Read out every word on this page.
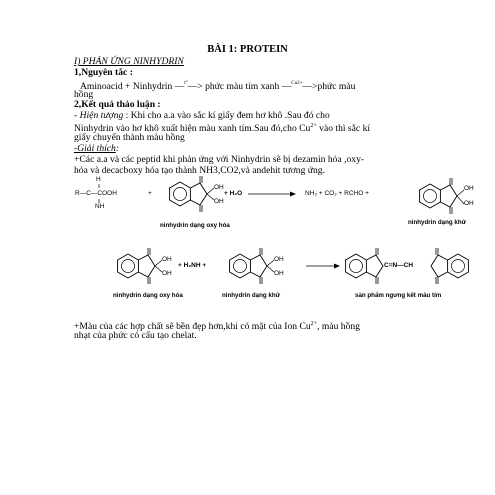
BÀI 1: PROTEIN
I) PHẢN ỨNG NINHYDRIN
1,Nguyên tắc :
Aminoacid + Ninhydrin —$^{t^\circ}$—> phức màu tím xanh —$^{Cu2+}$—>phức màu
hồng
2,Kết quả thảo luận :
- Hiện tượng : Khi cho a.a vào sắc kí giấy đem hơ khô .Sau đó cho
Ninhydrin vào hơ khô xuất hiện màu xanh tím.Sau đó,cho $Cu^{2+}$ vào thì sắc kí
giấy chuyển thành màu hồng
-Giải thích:
+Các a.a và các peptid khi phản ứng với Ninhydrin sẽ bị dezamin hóa ,oxy-
hóa và decacboxy hóa tạo thành NH3,CO2,và andehit tương ứng.
H
R—C—COOH
NH
+
OH
OH
+ H₂O	NH₃ + CO₂ + RCHO +
OH
OH
ninhydrin dạng oxy hóa	ninhydrin dạng khử
OH
OH
+ H₂NH +
OH
OH
C=N—CH
ninhydrin dạng oxy hóa	ninhydrin dạng khử	sản phẩm ngưng kết màu tím
+Màu của các hợp chất sẽ bền đẹp hơn,khi có mặt của Ion $Cu^{2+}$, màu hồng
nhạt của phức có cấu tạo chelat.
